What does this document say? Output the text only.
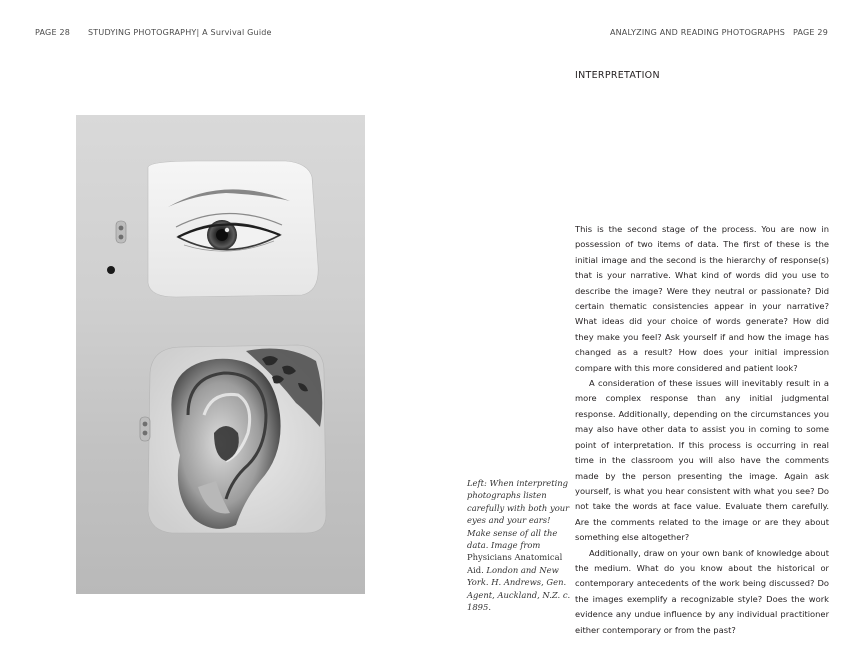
PAGE 28 STUDYING PHOTOGRAPHY| A Survival Guide	ANALYZING AND READING PHOTOGRAPHS PAGE 29
INTERPRETATION

Left: When interpreting photographs listen carefully with both your eyes and your ears! Make sense of all the data. Image from Physicians Anatomical Aid. London and New York. H. Andrews, Gen. Agent, Auckland, N.Z. c. 1895.

This is the second stage of the process. You are now in possession of two items of data. The first of these is the initial image and the second is the hierarchy of response(s) that is your narrative. What kind of words did you use to describe the image? Were they neutral or passionate? Did certain thematic consistencies appear in your narrative? What ideas did your choice of words generate? How did they make you feel? Ask yourself if and how the image has changed as a result? How does your initial impression compare with this more considered and patient look?

A consideration of these issues will inevitably result in a more complex response than any initial judgmental response. Additionally, depending on the circumstances you may also have other data to assist you in coming to some point of interpretation. If this process is occurring in real time in the classroom you will also have the comments made by the person presenting the image. Again ask yourself, is what you hear consistent with what you see? Do not take the words at face value. Evaluate them carefully. Are the comments related to the image or are they about something else altogether?

Additionally, draw on your own bank of knowledge about the medium. What do you know about the historical or contemporary antecedents of the work being discussed? Do the images exemplify a recognizable style? Does the work evidence any undue influence by any individual practitioner either contemporary or from the past?
